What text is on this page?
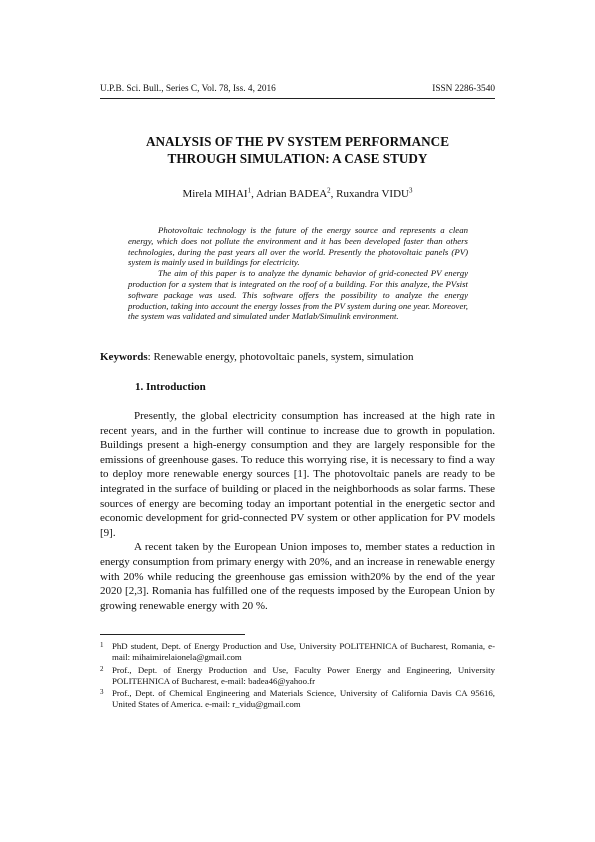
U.P.B. Sci. Bull., Series C, Vol. 78, Iss. 4, 2016	ISSN 2286-3540
ANALYSIS OF THE PV SYSTEM PERFORMANCE
THROUGH SIMULATION: A CASE STUDY
Mirela MIHAI$^1$, Adrian BADEA$^2$, Ruxandra VIDU$^3$

Photovoltaic technology is the future of the energy source and represents a clean energy, which does not pollute the environment and it has been developed faster than others technologies, during the past years all over the world. Presently the photovoltaic panels (PV) system is mainly used in buildings for electricity.

The aim of this paper is to analyze the dynamic behavior of grid-conected PV energy production for a system that is integrated on the roof of a building. For this analyze, the PVsist software package was used. This software offers the possibility to analyze the energy production, taking into account the energy losses from the PV system during one year. Moreover, the system was validated and simulated under Matlab/Simulink environment.

Keywords: Renewable energy, photovoltaic panels, system, simulation
1. Introduction

Presently, the global electricity consumption has increased at the high rate in recent years, and in the further will continue to increase due to growth in population. Buildings present a high-energy consumption and they are largely responsible for the emissions of greenhouse gases. To reduce this worrying rise, it is necessary to find a way to deploy more renewable energy sources [1]. The photovoltaic panels are ready to be integrated in the surface of building or placed in the neighborhoods as solar farms. These sources of energy are becoming today an important potential in the energetic sector and economic development for grid-connected PV system or other application for PV models [9].

A recent taken by the European Union imposes to, member states a reduction in energy consumption from primary energy with 20%, and an increase in renewable energy with 20% while reducing the greenhouse gas emission with20% by the end of the year 2020 [2,3]. Romania has fulfilled one of the requests imposed by the European Union by growing renewable energy with 20 %.

1 PhD student, Dept. of Energy Production and Use, University POLITEHNICA of Bucharest, Romania, e-mail: mihaimirelaionela@gmail.com
2 Prof., Dept. of Energy Production and Use, Faculty Power Energy and Engineering, University POLITEHNICA of Bucharest, e-mail: badea46@yahoo.fr
3 Prof., Dept. of Chemical Engineering and Materials Science, University of California Davis CA 95616, United States of America. e-mail: r_vidu@gmail.com
